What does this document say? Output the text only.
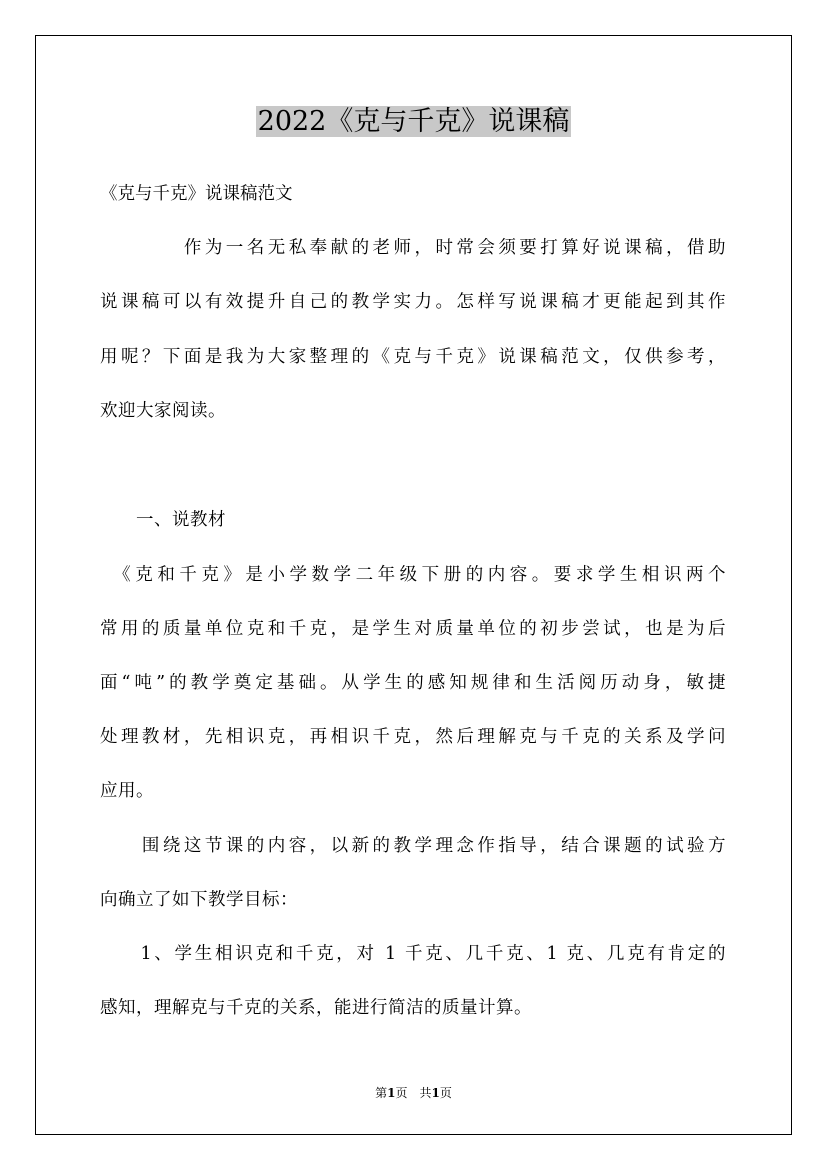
2022《克与千克》说课稿
《克与千克》说课稿范文
　　　　作为一名无私奉献的老师，时常会须要打算好说课稿，借助
说课稿可以有效提升自己的教学实力。怎样写说课稿才更能起到其作
用呢？下面是我为大家整理的《克与千克》说课稿范文，仅供参考，
欢迎大家阅读。
　　一、说教材
　《克和千克》是小学数学二年级下册的内容。要求学生相识两个
常用的质量单位克和千克，是学生对质量单位的初步尝试，也是为后
面“吨”的教学奠定基础。从学生的感知规律和生活阅历动身，敏捷
处理教材，先相识克，再相识千克，然后理解克与千克的关系及学问
应用。
　　围绕这节课的内容，以新的教学理念作指导，结合课题的试验方
向确立了如下教学目标：
　　1、学生相识克和千克，对 1 千克、几千克、1 克、几克有肯定的
感知，理解克与千克的关系，能进行简洁的质量计算。
第1页　共1页
